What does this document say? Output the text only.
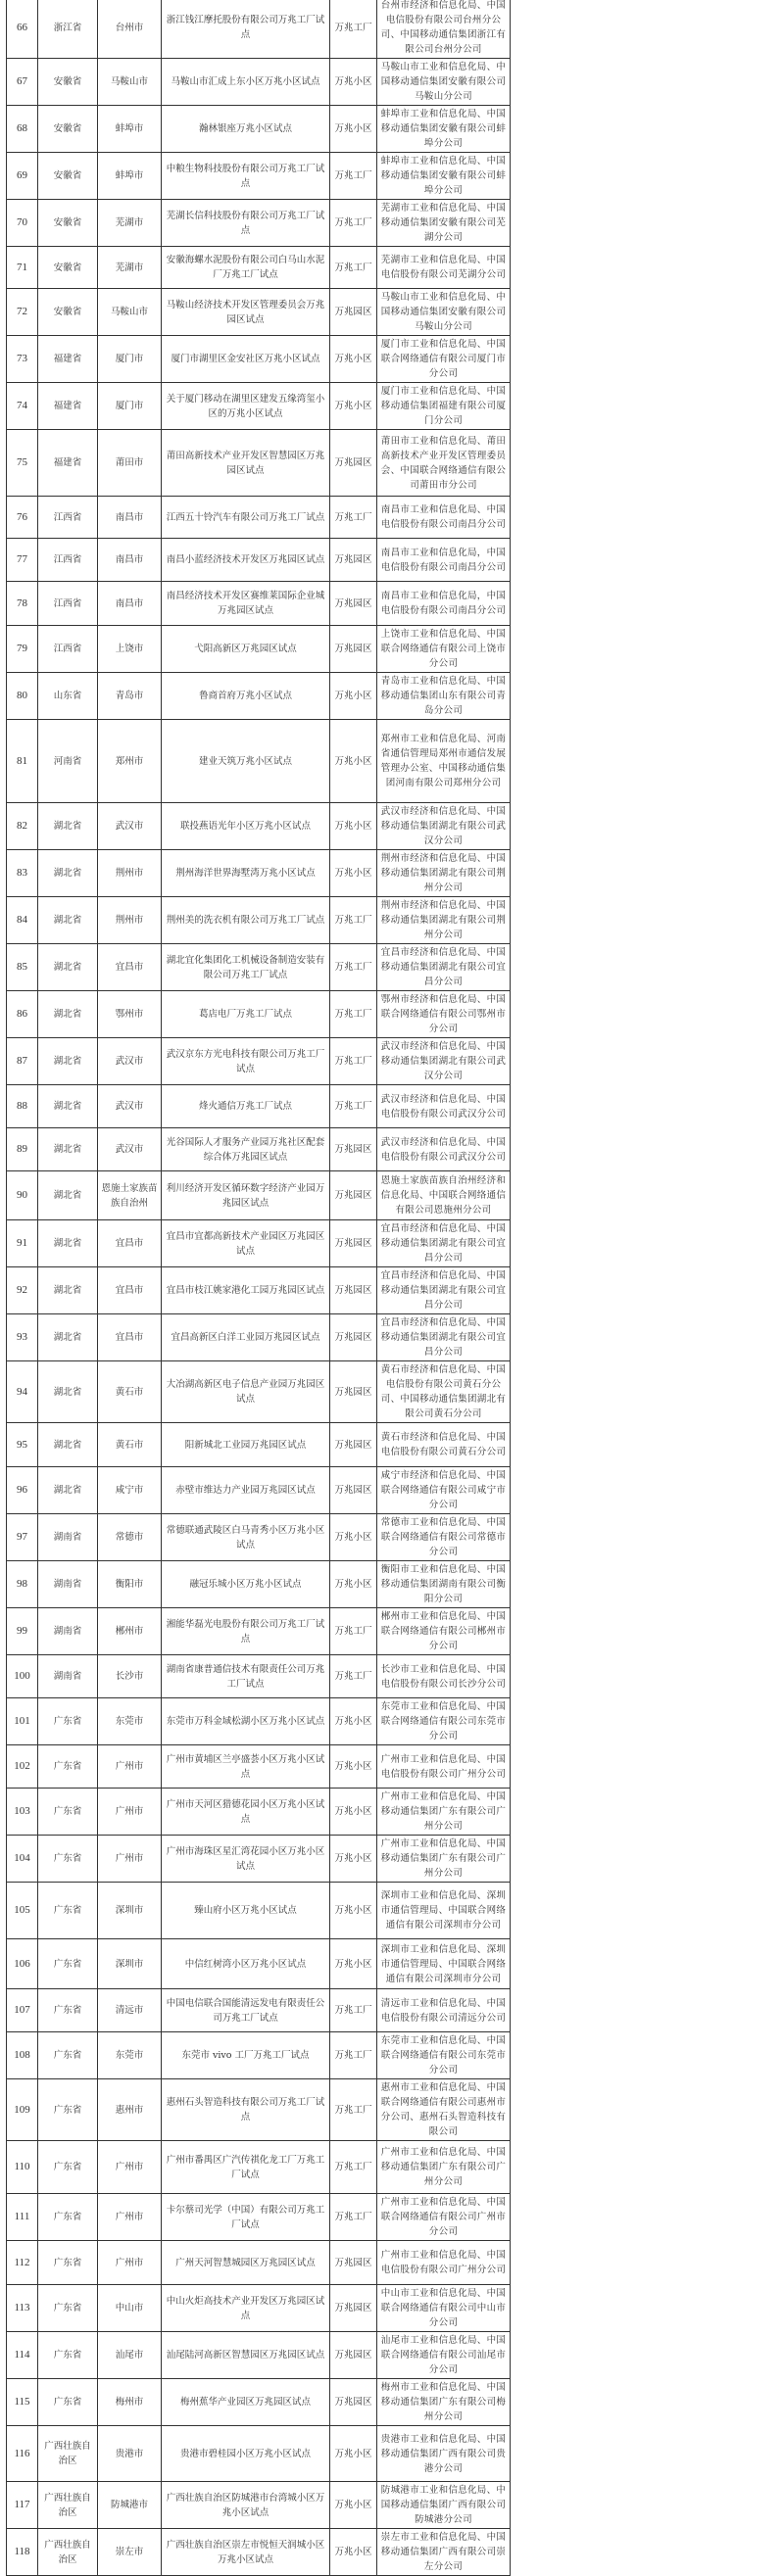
66	浙江省	台州市	浙江钱江摩托股份有限公司万兆工厂试点	万兆工厂	台州市经济和信息化局、中国电信股份有限公司台州分公司、中国移动通信集团浙江有限公司台州分公司
67	安徽省	马鞍山市	马鞍山市汇成上东小区万兆小区试点	万兆小区	马鞍山市工业和信息化局、中国移动通信集团安徽有限公司马鞍山分公司
68	安徽省	蚌埠市	瀚林银座万兆小区试点	万兆小区	蚌埠市工业和信息化局、中国移动通信集团安徽有限公司蚌埠分公司
69	安徽省	蚌埠市	中粮生物科技股份有限公司万兆工厂试点	万兆工厂	蚌埠市工业和信息化局、中国移动通信集团安徽有限公司蚌埠分公司
70	安徽省	芜湖市	芜湖长信科技股份有限公司万兆工厂试点	万兆工厂	芜湖市工业和信息化局、中国移动通信集团安徽有限公司芜湖分公司
71	安徽省	芜湖市	安徽海螺水泥股份有限公司白马山水泥厂万兆工厂试点	万兆工厂	芜湖市工业和信息化局、中国电信股份有限公司芜湖分公司
72	安徽省	马鞍山市	马鞍山经济技术开发区管理委员会万兆园区试点	万兆园区	马鞍山市工业和信息化局、中国移动通信集团安徽有限公司马鞍山分公司
73	福建省	厦门市	厦门市湖里区金安社区万兆小区试点	万兆小区	厦门市工业和信息化局、中国联合网络通信有限公司厦门市分公司
74	福建省	厦门市	关于厦门移动在湖里区建发五缘湾玺小区的万兆小区试点	万兆小区	厦门市工业和信息化局、中国移动通信集团福建有限公司厦门分公司
75	福建省	莆田市	莆田高新技术产业开发区智慧园区万兆园区试点	万兆园区	莆田市工业和信息化局、莆田高新技术产业开发区管理委员会、中国联合网络通信有限公司莆田市分公司
76	江西省	南昌市	江西五十铃汽车有限公司万兆工厂试点	万兆工厂	南昌市工业和信息化局、中国电信股份有限公司南昌分公司
77	江西省	南昌市	南昌小蓝经济技术开发区万兆园区试点	万兆园区	南昌市工业和信息化局，中国电信股份有限公司南昌分公司
78	江西省	南昌市	南昌经济技术开发区赛维莱国际企业城万兆园区试点	万兆园区	南昌市工业和信息化局，中国电信股份有限公司南昌分公司
79	江西省	上饶市	弋阳高新区万兆园区试点	万兆园区	上饶市工业和信息化局、中国联合网络通信有限公司上饶市分公司
80	山东省	青岛市	鲁商首府万兆小区试点	万兆小区	青岛市工业和信息化局、中国移动通信集团山东有限公司青岛分公司
81	河南省	郑州市	建业天筑万兆小区试点	万兆小区	郑州市工业和信息化局、河南省通信管理局郑州市通信发展管理办公室、中国移动通信集团河南有限公司郑州分公司
82	湖北省	武汉市	联投燕语光年小区万兆小区试点	万兆小区	武汉市经济和信息化局、中国移动通信集团湖北有限公司武汉分公司
83	湖北省	荆州市	荆州海洋世界海墅湾万兆小区试点	万兆小区	荆州市经济和信息化局、中国移动通信集团湖北有限公司荆州分公司
84	湖北省	荆州市	荆州美的洗衣机有限公司万兆工厂试点	万兆工厂	荆州市经济和信息化局、中国移动通信集团湖北有限公司荆州分公司
85	湖北省	宜昌市	湖北宜化集团化工机械设备制造安装有限公司万兆工厂试点	万兆工厂	宜昌市经济和信息化局、中国移动通信集团湖北有限公司宜昌分公司
86	湖北省	鄂州市	葛店电厂万兆工厂试点	万兆工厂	鄂州市经济和信息化局、中国联合网络通信有限公司鄂州市分公司
87	湖北省	武汉市	武汉京东方光电科技有限公司万兆工厂试点	万兆工厂	武汉市经济和信息化局、中国移动通信集团湖北有限公司武汉分公司
88	湖北省	武汉市	烽火通信万兆工厂试点	万兆工厂	武汉市经济和信息化局、中国电信股份有限公司武汉分公司
89	湖北省	武汉市	光谷国际人才服务产业园万兆社区配套综合体万兆园区试点	万兆园区	武汉市经济和信息化局、中国电信股份有限公司武汉分公司
90	湖北省	恩施土家族苗族自治州	利川经济开发区循环数字经济产业园万兆园区试点	万兆园区	恩施土家族苗族自治州经济和信息化局、中国联合网络通信有限公司恩施州分公司
91	湖北省	宜昌市	宜昌市宜都高新技术产业园区万兆园区试点	万兆园区	宜昌市经济和信息化局、中国移动通信集团湖北有限公司宜昌分公司
92	湖北省	宜昌市	宜昌市枝江姚家港化工园万兆园区试点	万兆园区	宜昌市经济和信息化局、中国移动通信集团湖北有限公司宜昌分公司
93	湖北省	宜昌市	宜昌高新区白洋工业园万兆园区试点	万兆园区	宜昌市经济和信息化局、中国移动通信集团湖北有限公司宜昌分公司
94	湖北省	黄石市	大冶湖高新区电子信息产业园万兆园区试点	万兆园区	黄石市经济和信息化局、中国电信股份有限公司黄石分公司、中国移动通信集团湖北有限公司黄石分公司
95	湖北省	黄石市	阳新城北工业园万兆园区试点	万兆园区	黄石市经济和信息化局、中国电信股份有限公司黄石分公司
96	湖北省	咸宁市	赤壁市维达力产业园万兆园区试点	万兆园区	咸宁市经济和信息化局、中国联合网络通信有限公司咸宁市分公司
97	湖南省	常德市	常德联通武陵区白马青秀小区万兆小区试点	万兆小区	常德市工业和信息化局、中国联合网络通信有限公司常德市分公司
98	湖南省	衡阳市	融冠乐城小区万兆小区试点	万兆小区	衡阳市工业和信息化局、中国移动通信集团湖南有限公司衡阳分公司
99	湖南省	郴州市	湘能华磊光电股份有限公司万兆工厂试点	万兆工厂	郴州市工业和信息化局、中国联合网络通信有限公司郴州市分公司
100	湖南省	长沙市	湖南省康普通信技术有限责任公司万兆工厂试点	万兆工厂	长沙市工业和信息化局、中国电信股份有限公司长沙分公司
101	广东省	东莞市	东莞市万科金域松湖小区万兆小区试点	万兆小区	东莞市工业和信息化局、中国联合网络通信有限公司东莞市分公司
102	广东省	广州市	广州市黄埔区兰亭盛荟小区万兆小区试点	万兆小区	广州市工业和信息化局、中国电信股份有限公司广州分公司
103	广东省	广州市	广州市天河区猎德花园小区万兆小区试点	万兆小区	广州市工业和信息化局、中国移动通信集团广东有限公司广州分公司
104	广东省	广州市	广州市海珠区星汇湾花园小区万兆小区试点	万兆小区	广州市工业和信息化局、中国移动通信集团广东有限公司广州分公司
105	广东省	深圳市	臻山府小区万兆小区试点	万兆小区	深圳市工业和信息化局、深圳市通信管理局、中国联合网络通信有限公司深圳市分公司
106	广东省	深圳市	中信红树湾小区万兆小区试点	万兆小区	深圳市工业和信息化局、深圳市通信管理局、中国联合网络通信有限公司深圳市分公司
107	广东省	清远市	中国电信联合国能清远发电有限责任公司万兆工厂试点	万兆工厂	清远市工业和信息化局、中国电信股份有限公司清远分公司
108	广东省	东莞市	东莞市 vivo 工厂万兆工厂试点	万兆工厂	东莞市工业和信息化局、中国联合网络通信有限公司东莞市分公司
109	广东省	惠州市	惠州石头智造科技有限公司万兆工厂试点	万兆工厂	惠州市工业和信息化局、中国联合网络通信有限公司惠州市分公司、惠州石头智造科技有限公司
110	广东省	广州市	广州市番禺区广汽传祺化龙工厂万兆工厂试点	万兆工厂	广州市工业和信息化局、中国移动通信集团广东有限公司广州分公司
111	广东省	广州市	卡尔蔡司光学（中国）有限公司万兆工厂试点	万兆工厂	广州市工业和信息化局、中国联合网络通信有限公司广州市分公司
112	广东省	广州市	广州天河智慧城园区万兆园区试点	万兆园区	广州市工业和信息化局、中国电信股份有限公司广州分公司
113	广东省	中山市	中山火炬高技术产业开发区万兆园区试点	万兆园区	中山市工业和信息化局、中国联合网络通信有限公司中山市分公司
114	广东省	汕尾市	汕尾陆河高新区智慧园区万兆园区试点	万兆园区	汕尾市工业和信息化局、中国联合网络通信有限公司汕尾市分公司
115	广东省	梅州市	梅州蕉华产业园区万兆园区试点	万兆园区	梅州市工业和信息化局、中国移动通信集团广东有限公司梅州分公司
116	广西壮族自治区	贵港市	贵港市碧桂园小区万兆小区试点	万兆小区	贵港市工业和信息化局、中国移动通信集团广西有限公司贵港分公司
117	广西壮族自治区	防城港市	广西壮族自治区防城港市台湾城小区万兆小区试点	万兆小区	防城港市工业和信息化局、中国移动通信集团广西有限公司防城港分公司
118	广西壮族自治区	崇左市	广西壮族自治区崇左市悦恒天润城小区万兆小区试点	万兆小区	崇左市工业和信息化局、中国移动通信集团广西有限公司崇左分公司
